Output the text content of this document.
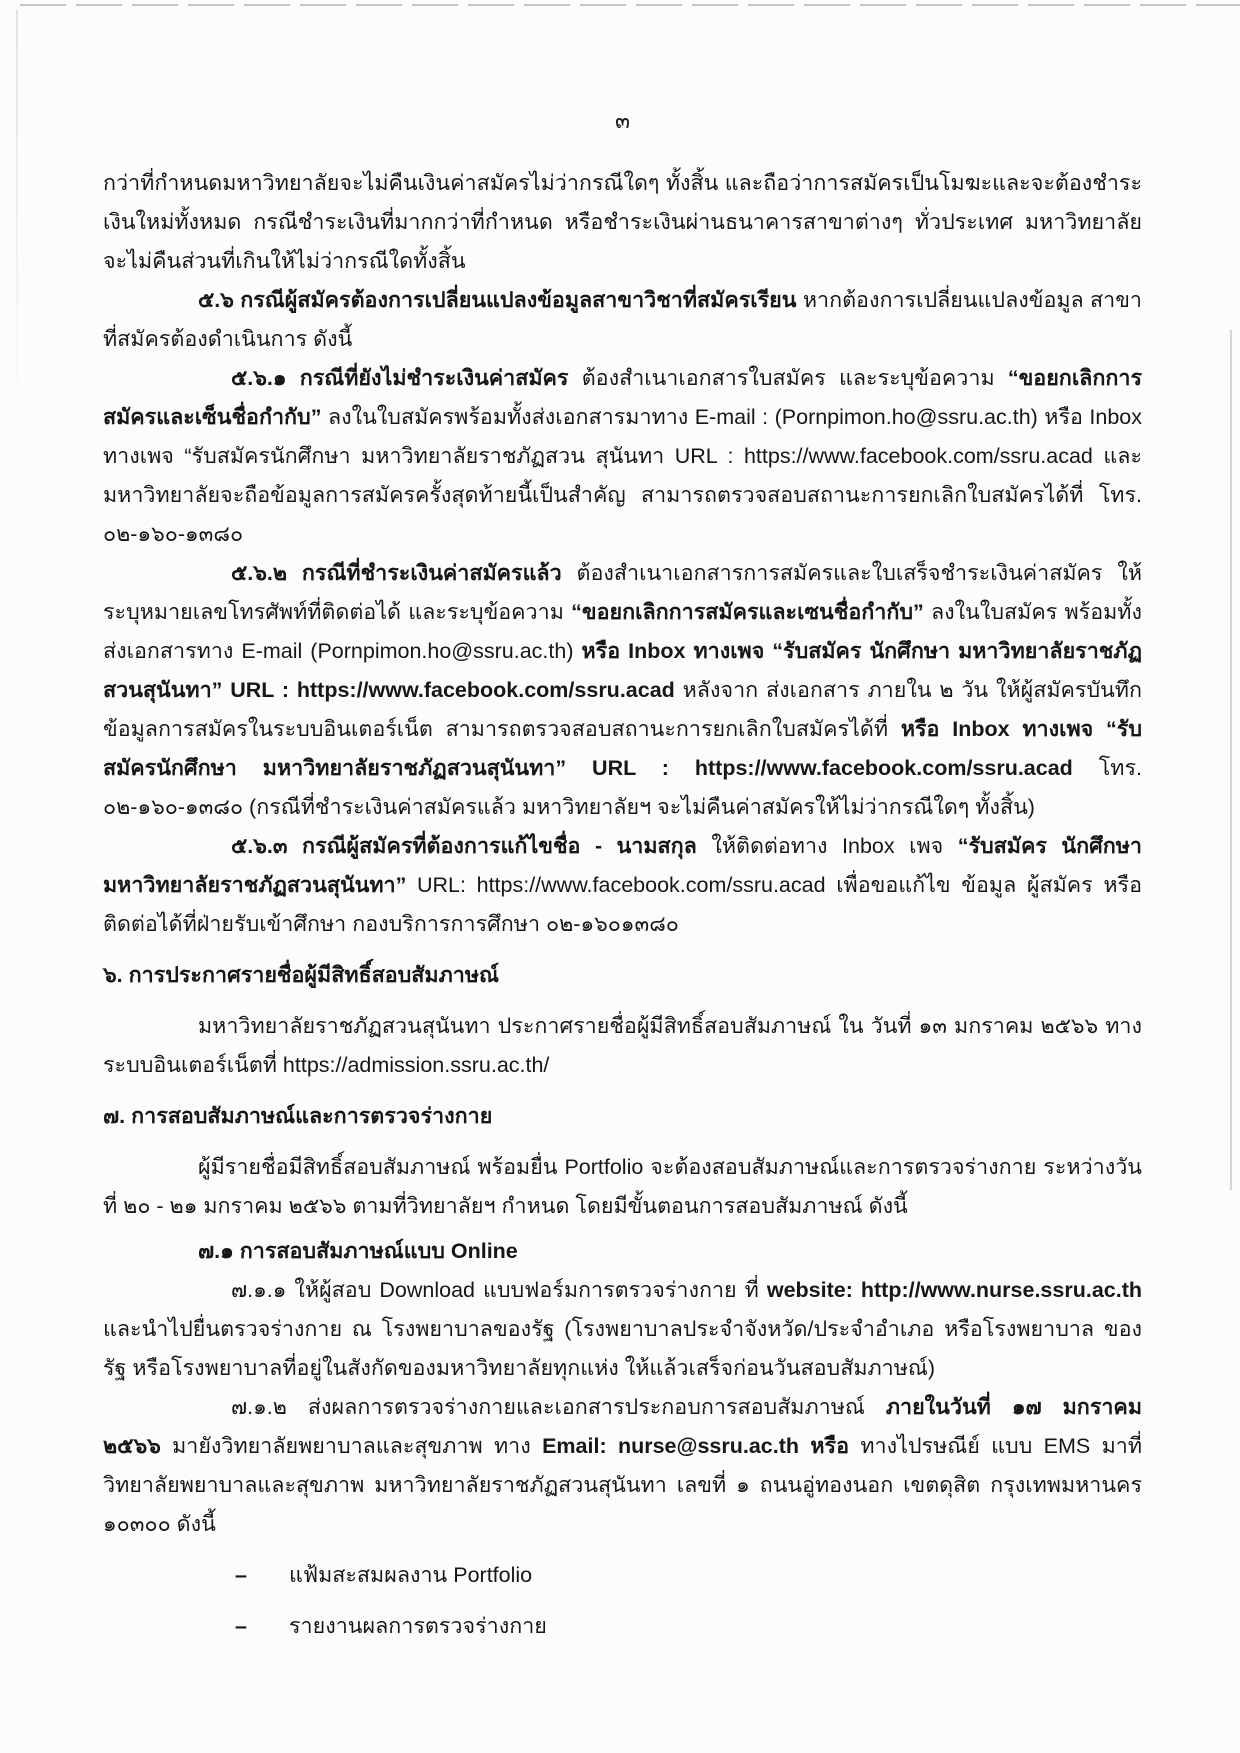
๓

กว่าที่กำหนดมหาวิทยาลัยจะไม่คืนเงินค่าสมัครไม่ว่ากรณีใดๆ ทั้งสิ้น และถือว่าการสมัครเป็นโมฆะและจะต้องชำระเงินใหม่ทั้งหมด กรณีชำระเงินที่มากกว่าที่กำหนด หรือชำระเงินผ่านธนาคารสาขาต่างๆ ทั่วประเทศ มหาวิทยาลัยจะไม่คืนส่วนที่เกินให้ไม่ว่ากรณีใดทั้งสิ้น

๕.๖ กรณีผู้สมัครต้องการเปลี่ยนแปลงข้อมูลสาขาวิชาที่สมัครเรียน หากต้องการเปลี่ยนแปลงข้อมูล สาขาที่สมัครต้องดำเนินการ ดังนี้

๕.๖.๑ กรณีที่ยังไม่ชำระเงินค่าสมัคร ต้องสำเนาเอกสารใบสมัคร และระบุข้อความ “ขอยกเลิกการสมัครและเซ็นชื่อกำกับ” ลงในใบสมัครพร้อมทั้งส่งเอกสารมาทาง E-mail : (Pornpimon.ho@ssru.ac.th) หรือ Inbox ทางเพจ “รับสมัครนักศึกษา มหาวิทยาลัยราชภัฏสวน สุนันทา URL : https://www.facebook.com/ssru.acad และมหาวิทยาลัยจะถือข้อมูลการสมัครครั้งสุดท้ายนี้เป็นสำคัญ สามารถตรวจสอบสถานะการยกเลิกใบสมัครได้ที่ โทร. ๐๒-๑๖๐-๑๓๘๐

๕.๖.๒ กรณีที่ชำระเงินค่าสมัครแล้ว ต้องสำเนาเอกสารการสมัครและใบเสร็จชำระเงินค่าสมัคร ให้ระบุหมายเลขโทรศัพท์ที่ติดต่อได้ และระบุข้อความ “ขอยกเลิกการสมัครและเซนชื่อกำกับ” ลงในใบสมัคร พร้อมทั้งส่งเอกสารทาง E-mail (Pornpimon.ho@ssru.ac.th) หรือ Inbox ทางเพจ “รับสมัคร นักศึกษา มหาวิทยาลัยราชภัฏสวนสุนันทา” URL : https://www.facebook.com/ssru.acad หลังจาก ส่งเอกสาร ภายใน ๒ วัน ให้ผู้สมัครบันทึกข้อมูลการสมัครในระบบอินเตอร์เน็ต สามารถตรวจสอบสถานะการยกเลิกใบสมัครได้ที่ หรือ Inbox ทางเพจ “รับสมัครนักศึกษา มหาวิทยาลัยราชภัฏสวนสุนันทา” URL : https://www.facebook.com/ssru.acad โทร. ๐๒-๑๖๐-๑๓๘๐ (กรณีที่ชำระเงินค่าสมัครแล้ว มหาวิทยาลัยฯ จะไม่คืนค่าสมัครให้ไม่ว่ากรณีใดๆ ทั้งสิ้น)

๕.๖.๓ กรณีผู้สมัครที่ต้องการแก้ไขชื่อ - นามสกุล ให้ติดต่อทาง Inbox เพจ “รับสมัคร นักศึกษา มหาวิทยาลัยราชภัฏสวนสุนันทา” URL: https://www.facebook.com/ssru.acad เพื่อขอแก้ไข ข้อมูล ผู้สมัคร หรือติดต่อได้ที่ฝ่ายรับเข้าศึกษา กองบริการการศึกษา ๐๒-๑๖๐๑๓๘๐

๖. การประกาศรายชื่อผู้มีสิทธิ์สอบสัมภาษณ์

มหาวิทยาลัยราชภัฏสวนสุนันทา ประกาศรายชื่อผู้มีสิทธิ์สอบสัมภาษณ์ ใน วันที่ ๑๓ มกราคม ๒๕๖๖ ทางระบบอินเตอร์เน็ตที่ https://admission.ssru.ac.th/

๗. การสอบสัมภาษณ์และการตรวจร่างกาย

ผู้มีรายชื่อมีสิทธิ์สอบสัมภาษณ์ พร้อมยื่น Portfolio จะต้องสอบสัมภาษณ์และการตรวจร่างกาย ระหว่างวันที่ ๒๐ - ๒๑ มกราคม ๒๕๖๖ ตามที่วิทยาลัยฯ กำหนด โดยมีขั้นตอนการสอบสัมภาษณ์ ดังนี้

๗.๑ การสอบสัมภาษณ์แบบ Online

๗.๑.๑ ให้ผู้สอบ Download แบบฟอร์มการตรวจร่างกาย ที่ website: http://www.nurse.ssru.ac.th และนำไปยื่นตรวจร่างกาย ณ โรงพยาบาลของรัฐ (โรงพยาบาลประจำจังหวัด/ประจำอำเภอ หรือโรงพยาบาล ของรัฐ หรือโรงพยาบาลที่อยู่ในสังกัดของมหาวิทยาลัยทุกแห่ง ให้แล้วเสร็จก่อนวันสอบสัมภาษณ์)

๗.๑.๒ ส่งผลการตรวจร่างกายและเอกสารประกอบการสอบสัมภาษณ์ ภายในวันที่ ๑๗ มกราคม ๒๕๖๖ มายังวิทยาลัยพยาบาลและสุขภาพ ทาง Email: nurse@ssru.ac.th หรือ ทางไปรษณีย์ แบบ EMS มาที่ วิทยาลัยพยาบาลและสุขภาพ มหาวิทยาลัยราชภัฏสวนสุนันทา เลขที่ ๑ ถนนอู่ทองนอก เขตดุสิต กรุงเทพมหานคร ๑๐๓๐๐ ดังนี้

–	แฟ้มสะสมผลงาน Portfolio
–	รายงานผลการตรวจร่างกาย
